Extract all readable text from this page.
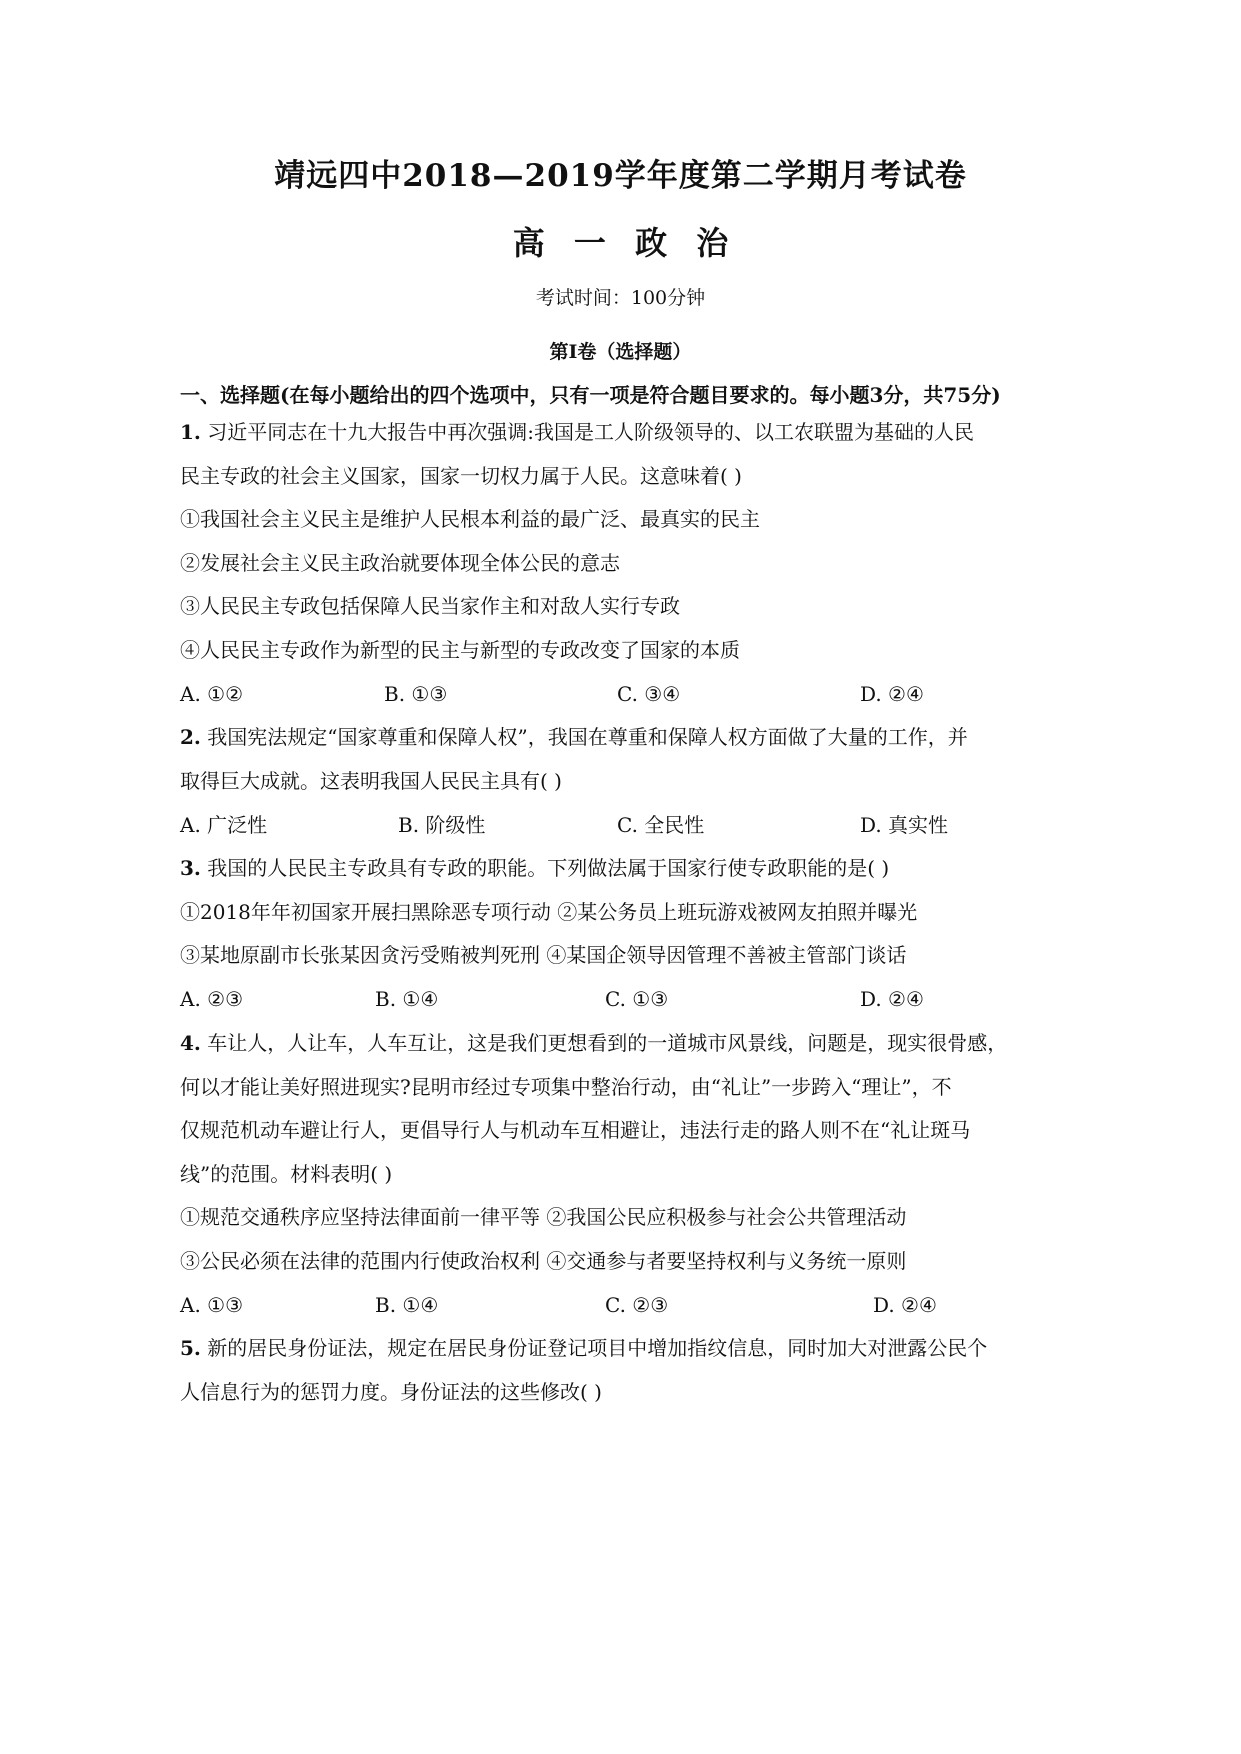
靖远四中2018—2019学年度第二学期月考试卷
高 一 政 治
考试时间：100分钟
第Ⅰ卷（选择题）
一、选择题(在每小题给出的四个选项中，只有一项是符合题目要求的。每小题3分，共75分)
1. 习近平同志在十九大报告中再次强调:我国是工人阶级领导的、以工农联盟为基础的人民
民主专政的社会主义国家，国家一切权力属于人民。这意味着( )
①我国社会主义民主是维护人民根本利益的最广泛、最真实的民主
②发展社会主义民主政治就要体现全体公民的意志
③人民民主专政包括保障人民当家作主和对敌人实行专政
④人民民主专政作为新型的民主与新型的专政改变了国家的本质
A. ①②	B. ①③	C. ③④	D. ②④
2. 我国宪法规定“国家尊重和保障人权”，我国在尊重和保障人权方面做了大量的工作，并
取得巨大成就。这表明我国人民民主具有( )
A. 广泛性	B. 阶级性	C. 全民性	D. 真实性
3. 我国的人民民主专政具有专政的职能。下列做法属于国家行使专政职能的是( )
①2018年年初国家开展扫黑除恶专项行动 ②某公务员上班玩游戏被网友拍照并曝光
③某地原副市长张某因贪污受贿被判死刑 ④某国企领导因管理不善被主管部门谈话
A. ②③	B. ①④	C. ①③	D. ②④
4. 车让人，人让车，人车互让，这是我们更想看到的一道城市风景线，问题是，现实很骨感，
何以才能让美好照进现实?昆明市经过专项集中整治行动，由“礼让”一步跨入“理让”，不
仅规范机动车避让行人，更倡导行人与机动车互相避让，违法行走的路人则不在“礼让斑马
线”的范围。材料表明( )
①规范交通秩序应坚持法律面前一律平等 ②我国公民应积极参与社会公共管理活动
③公民必须在法律的范围内行使政治权利 ④交通参与者要坚持权利与义务统一原则
A. ①③	B. ①④	C. ②③	D. ②④
5. 新的居民身份证法，规定在居民身份证登记项目中增加指纹信息，同时加大对泄露公民个
人信息行为的惩罚力度。身份证法的这些修改( )
